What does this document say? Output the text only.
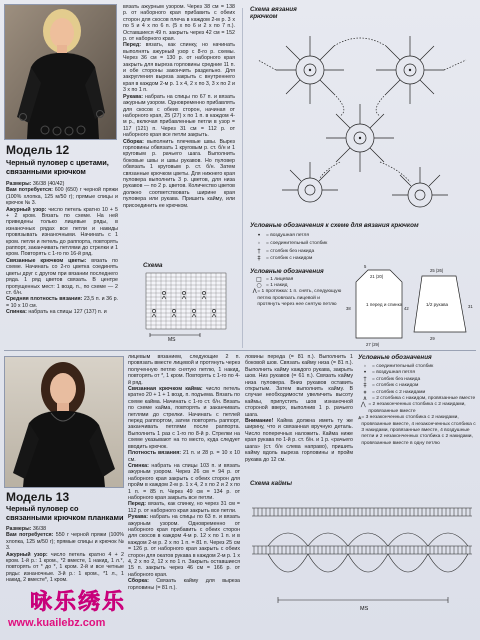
Модель 12
Черный пуловер с цветами, связанными крючком
Размеры: 36/38 (40/42)
Вам потребуется: 600 (650) г черной пряжи (100% хлопка, 125 м/50 г); прямые спицы и крючок № 3.
Ажурный узор: число петель кратно 10 + 5 + 2 кром. Вязать по схеме. На ней приведены только лицевые ряды, в изнаночных рядах все петли и накиды провязывать изнаночными. Начинать с 1 кром. петли и петель до раппорта, повторять раппорт, заканчивать петлями до стрелки и 1 кром. Повторять с 1-го по 16-й ряд.
Связанные крючком цветы: вязать по схеме. Начинать со 2-го цветка соединять цветы друг с другом при вязании последнего ряда. 1 ряд цветов связать. В центре пропущенных мест: 1 возд. п., по схеме — 2 ст. б/н.
Средняя плотность вязания: 23,5 п. и 36 р. = 10 x 10 см.
Спинка: набрать на спицы 127 (137) п. и
вязать ажурным узором. Через 38 см = 138 р. от наборного края прибавить с обеих сторон для скосов плеча в каждом 2-м р. 3 x по 5 и 4 x по 6 п. (5 x по 6 и 2 x по 7 п.). Оставшиеся 49 п. закрыть через 42 см = 152 р. от наборного края.
Перед: вязать, как спинку, но начинать выполнять ажурный узор с 8-го р. схемы. Через 36 см = 130 р. от наборного края закрыть для выреза горловины средние 11 п. и обе стороны закончить раздельно. Для закругления выреза закрыть с внутреннего края в каждом 2-м р. 1 x 4, 2 x по 3, 3 x по 2 и 3 x по 1 п.
Рукава: набрать на спицы по 67 п. и вязать ажурным узором. Одновременно прибавлять для скосов с обеих сторон, начиная от наборного края, 25 (27) x по 1 п. в каждом 4-м р., включая прибавленные петли в узор = 117 (121) п. Через 31 см = 112 р. от наборного края все петли закрыть.
Сборка: выполнить плечевые швы. Вырез горловины обвязать 1 круговым р. ст. б/н и 1 круговым р. рачьего шага. Выполнить боковые швы и швы рукавов. Но пуловер обвязать 1 круговым р. ст. б/н. Затем связанные крючком цветы. Для нижнего края пуловера выполнить 3 р. цветов, для низа рукавов — по 2 р. цветов. Количество цветов должно соответствовать ширине края пуловера или рукава. Пришить кайму, или присоединить ее крючком.
Схема вязания крючком
Условные обозначения к схеме для вязания крючком
•	= воздушная петля
◦	= соединительный столбик
†	= столбик без накида
‡	= столбик с накидом
Схема
MS
Условные обозначения
□ = 1 лицевая
○ = 1 накид
Λ = 1 протяжка: 1 п. снять, следующую петлю провязать лицевой и протянуть через нее снятую петлю	1 перед и спинка	1/2 рукава
5
21 (20)
38	42
27 (29)
25 (26)
31
29
Модель 13
Черный пуловер со связанными крючком планками
Размеры: 36/38
Вам потребуется: 550 г черной пряжи (100% хлопка, 125 м/50 г); прямые спицы и крючок № 3.
Ажурный узор: число петель кратно 4 + 2 кром. 1-й р.: 1 кром., *2 вместе, 1 накид, 1 л.*, повторять от * до *, 1 кром. 2-й и все четные ряды: изнаночные. 3-й р.: 1 кром., *1 л., 1 накид, 2 вместе*, 1 кром.
лицевым вязанием, следующие 2 п. провязать вместе лицевой и протянуть через полученную петлю снятую петлю, 1 накид, повторять от *, 1 кром. Повторять с 1-го по 4-й ряд.
Связанная крючком кайма: число петель кратно 20 + 1 + 1 возд. п. подъема. Вязать по схеме кайма. Начинать с 1-го ст. б/н. Вязать по схеме кайма, повторять и заканчивать петлями до стрелки. Начинать с петлей перед раппортом, затем повторять раппорт, заканчивать петлями после раппорта. Выполнить 1 раз с 1-го по 8-й р. Стрелки на схеме указывают на то место, куда следует вводить крючок.
Плотность вязания: 21 п. и 28 р. = 10 x 10 см.
Спинка: набрать на спицы 103 п. и вязать ажурным узором. Через 26 см = 94 р. от наборного края закрыть с обеих сторон для пройм в каждом 2-м р. 1 x 4, 2 x по 2 и 2 x по 1 п. = 85 п. Через 49 см = 134 р. от наборного края закрыть все петли.
Перед: вязать, как спинку, но через 31 см = 112 р. от наборного края закрыть все петли.
Рукава: набрать на спицы по 63 п. и вязать ажурным узором. Одновременно от наборного края прибавить с обеих сторон для скосов в каждом 4-м р. 12 x по 1 п. и в каждом 2-м р. 2 x по 1 п. = 81 п. Через 25 см = 126 р. от наборного края закрыть с обеих сторон для окатов рукава в каждом 2-м р. 1 x 4, 2 x по 2, 12 x по 1 п. Закрыть оставшиеся 15 п. закрыть через 46 см = 166 р. от наборного края.
Сборка: Связать кайму для выреза горловины (= 81 п.).
ловины переда (= 81 п.). Выполнить 1 боковой шов. Связать кайму низа (= 81 п.). Выполнить кайму каждого рукава, закрыть шов. Низ рукавов (= 61 п.). Связать кайму низа пуловера. Вниз рукавов оставить открытым. Затем выполнить кайму. В случае необходимости увеличить высоту каймы, припустить шов изнаночной стороной вверх, выполнив 1 р. рачьего шага.
Внимание! Кайма должна иметь ту же ширину, что и связанная вручную деталь. Число поперечных наложить. Кайма ниже края рукава по 1-й р. ст. б/н. и 1 р. «рачьего шага» (ст. б/н слева направо), пришить кайму вдоль выреза горловины и пройм рукава до 12 см.
Условные обозначения
◦	= соединительный столбик
•	= воздушная петля
†	= столбик без накида
‡	= столбик с накидом
⧧	= столбик с 2 накидами
∧ = 2 столбика с накидом, провязанные вместе
⋀ = 2 незаконченных столбика с 2 накидами, провязанные вместе
⩓ = 3 незаконченных столбика с 2 накидами, провязанные вместе, 4 незаконченных столбика с 3 накидами, провязанные вместе, 4 воздушные петли и 2 незаконченных столбика с 2 накидами, провязанные вместе в одну петлю
Схема каймы
MS
咏乐绣乐
www.kuailebz.com
